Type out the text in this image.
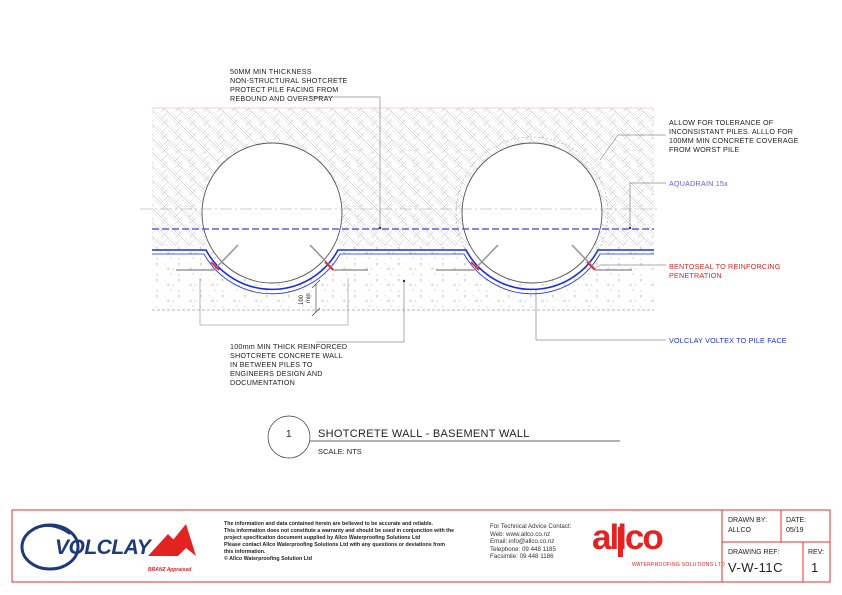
50MM MIN THICKNESS
NON-STRUCTURAL SHOTCRETE
PROTECT PILE FACING FROM
REBOUND AND OVERSPRAY
ALLOW FOR TOLERANCE OF
INCONSISTANT PILES. ALLLO FOR
100MM MIN CONCRETE COVERAGE
FROM WORST PILE
AQUADRAIN 15x
BENTOSEAL TO REINFORCING
PENETRATION
VOLCLAY VOLTEX TO PILE FACE
100mm MIN THICK REINFORCED
SHOTCRETE CONCRETE WALL
IN BETWEEN PILES TO
ENGINEERS DESIGN AND
DOCUMENTATION
100 min
1 SHOTCRETE WALL - BASEMENT WALL
SCALE: NTS
VOLCLAY
BRANZ Appraised
The information and data contained herein are believed to be accurate and reliable.
This information does not constitute a warranty and should be used in conjunction with the
project specification document supplied by Allco Waterproofing Solutions Ltd
Please contact Allco Waterproofing Solutions Ltd with any questions or deviations from
this information.
© Allco Waterproofing Solution Ltd
For Technical Advice Contact:
Web: www.allco.co.nz
Email: info@allco.co.nz
Telephone: 09 448 1185
Facsimile: 09 448 1186	allco
WATERPROOFING SOLUTIONS LTD
DRAWN BY:
ALLCO
DATE:
05/19
DRAWING REF:
V-W-11C
REV:
1
